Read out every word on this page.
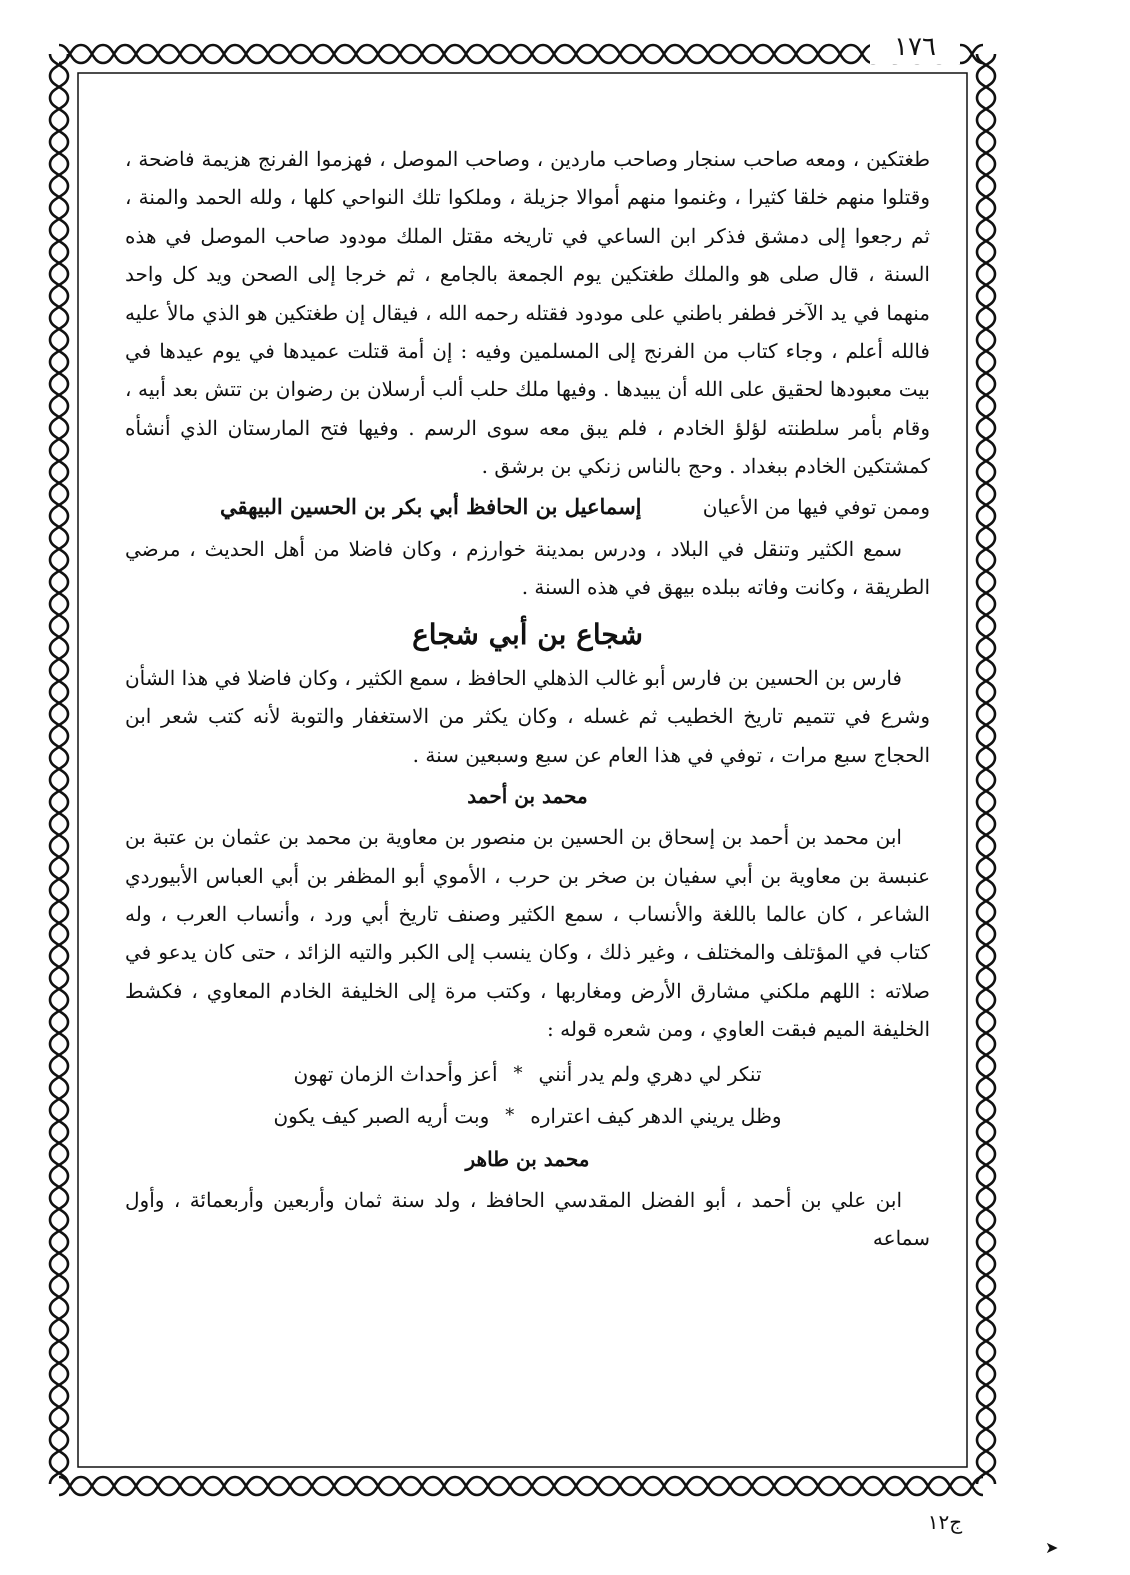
١٧٦

طغتكين ، ومعه صاحب سنجار وصاحب ماردين ، وصاحب الموصل ، فهزموا الفرنج هزيمة فاضحة ، وقتلوا منهم خلقا كثيرا ، وغنموا منهم أموالا جزيلة ، وملكوا تلك النواحي كلها ، ولله الحمد والمنة ، ثم رجعوا إلى دمشق فذكر ابن الساعي في تاريخه مقتل الملك مودود صاحب الموصل في هذه السنة ، قال صلى هو والملك طغتكين يوم الجمعة بالجامع ، ثم خرجا إلى الصحن ويد كل واحد منهما في يد الآخر فطفر باطني على مودود فقتله رحمه الله ، فيقال إن طغتكين هو الذي مالأ عليه فالله أعلم ، وجاء كتاب من الفرنج إلى المسلمين وفيه : إن أمة قتلت عميدها في يوم عيدها في بيت معبودها لحقيق على الله أن يبيدها . وفيها ملك حلب ألب أرسلان بن رضوان بن تتش بعد أبيه ، وقام بأمر سلطنته لؤلؤ الخادم ، فلم يبق معه سوى الرسم . وفيها فتح المارستان الذي أنشأه كمشتكين الخادم ببغداد . وحج بالناس زنكي بن برشق .

وممن توفي فيها من الأعيان
إسماعيل بن الحافظ أبي بكر بن الحسين البيهقي

سمع الكثير وتنقل في البلاد ، ودرس بمدينة خوارزم ، وكان فاضلا من أهل الحديث ، مرضي الطريقة ، وكانت وفاته ببلده بيهق في هذه السنة .

شجاع بن أبي شجاع

فارس بن الحسين بن فارس أبو غالب الذهلي الحافظ ، سمع الكثير ، وكان فاضلا في هذا الشأن وشرع في تتميم تاريخ الخطيب ثم غسله ، وكان يكثر من الاستغفار والتوبة لأنه كتب شعر ابن الحجاج سبع مرات ، توفي في هذا العام عن سبع وسبعين سنة .

محمد بن أحمد

ابن محمد بن أحمد بن إسحاق بن الحسين بن منصور بن معاوية بن محمد بن عثمان بن عتبة بن عنبسة بن معاوية بن أبي سفيان بن صخر بن حرب ، الأموي أبو المظفر بن أبي العباس الأبيوردي الشاعر ، كان عالما باللغة والأنساب ، سمع الكثير وصنف تاريخ أبي ورد ، وأنساب العرب ، وله كتاب في المؤتلف والمختلف ، وغير ذلك ، وكان ينسب إلى الكبر والتيه الزائد ، حتى كان يدعو في صلاته : اللهم ملكني مشارق الأرض ومغاربها ، وكتب مرة إلى الخليفة الخادم المعاوي ، فكشط الخليفة الميم فبقت العاوي ، ومن شعره قوله :

تنكر لي دهري ولم يدر أنني
*
أعز وأحداث الزمان تهون
وظل يريني الدهر كيف اعتراره
*
وبت أريه الصبر كيف يكون
محمد بن طاهر

ابن علي بن أحمد ، أبو الفضل المقدسي الحافظ ، ولد سنة ثمان وأربعين وأربعمائة ، وأول سماعه

ج١٢
➤
